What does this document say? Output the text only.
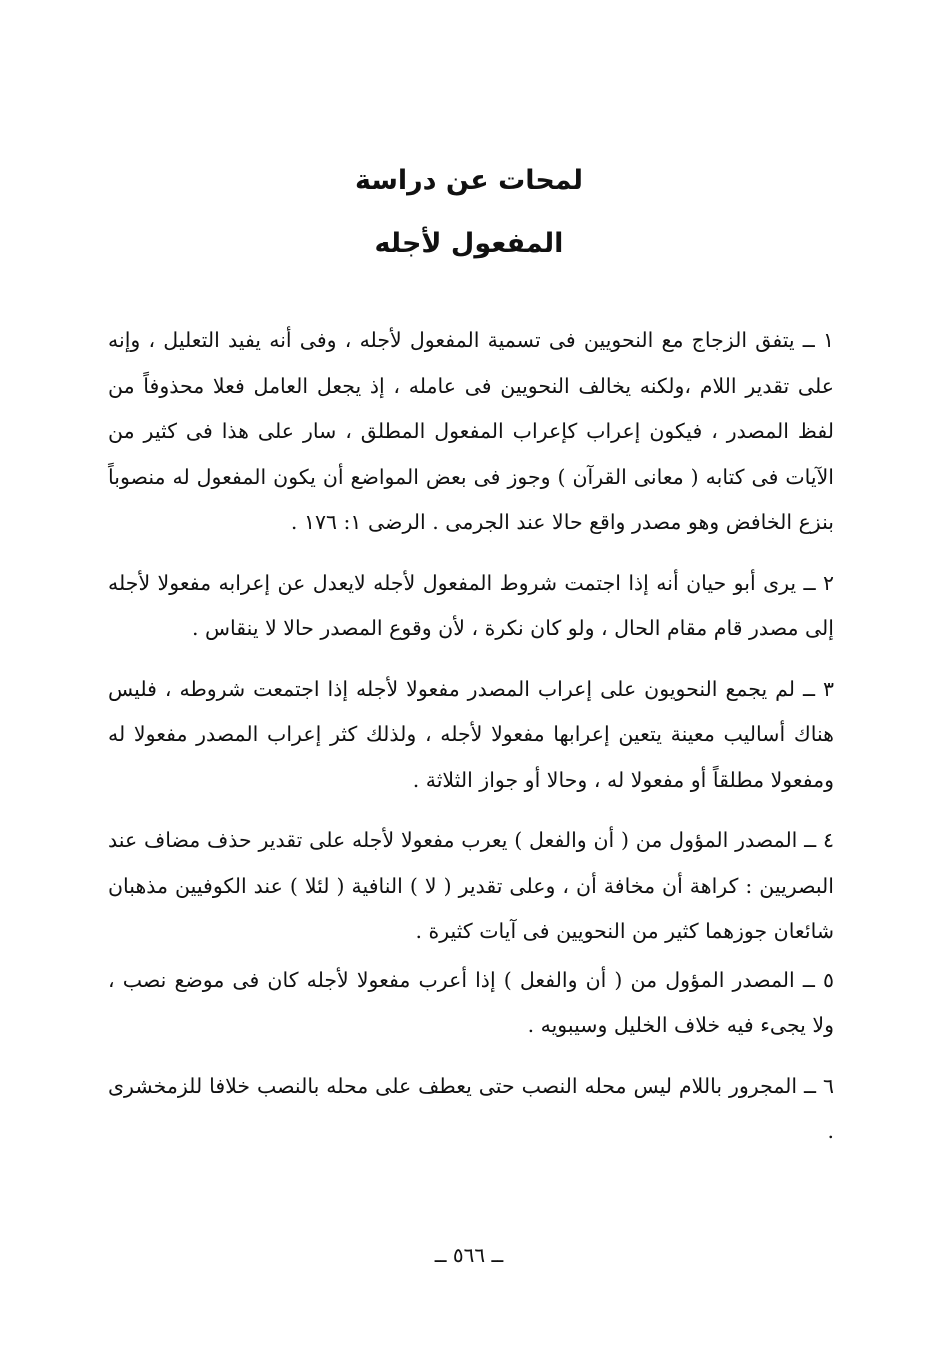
لمحات عن دراسة
المفعول لأجله

١ ــ يتفق الزجاج مع النحويين فى تسمية المفعول لأجله ، وفى أنه يفيد التعليل ، وإنه على تقدير اللام ،ولكنه يخالف النحويين فى عامله ، إذ يجعل العامل فعلا محذوفاً من لفظ المصدر ، فيكون إعراب كإعراب المفعول المطلق ، سار على هذا فى كثير من الآيات فى كتابه ( معانى القرآن ) وجوز فى بعض المواضع أن يكون المفعول له منصوباً بنزع الخافض وهو مصدر واقع حالا عند الجرمى . الرضى ١: ١٧٦ .

٢ ــ يرى أبو حيان أنه إذا اجتمت شروط المفعول لأجله لايعدل عن إعرابه مفعولا لأجله إلى مصدر قام مقام الحال ، ولو كان نكرة ، لأن وقوع المصدر حالا لا ينقاس .

٣ ــ لم يجمع النحويون على إعراب المصدر مفعولا لأجله إذا اجتمعت شروطه ، فليس هناك أساليب معينة يتعين إعرابها مفعولا لأجله ، ولذلك كثر إعراب المصدر مفعولا له ومفعولا مطلقاً أو مفعولا له ، وحالا أو جواز الثلاثة .

٤ ــ المصدر المؤول من ( أن والفعل ) يعرب مفعولا لأجله على تقدير حذف مضاف عند البصريين : كراهة أن مخافة أن ، وعلى تقدير ( لا ) النافية ( لئلا ) عند الكوفيين مذهبان شائعان جوزهما كثير من النحويين فى آيات كثيرة .

٥ ــ المصدر المؤول من ( أن والفعل ) إذا أعرب مفعولا لأجله كان فى موضع نصب ، ولا يجىء فيه خلاف الخليل وسيبويه .

٦ ــ المجرور باللام ليس محله النصب حتى يعطف على محله بالنصب خلافا للزمخشرى .

ــ ٥٦٦ ــ
